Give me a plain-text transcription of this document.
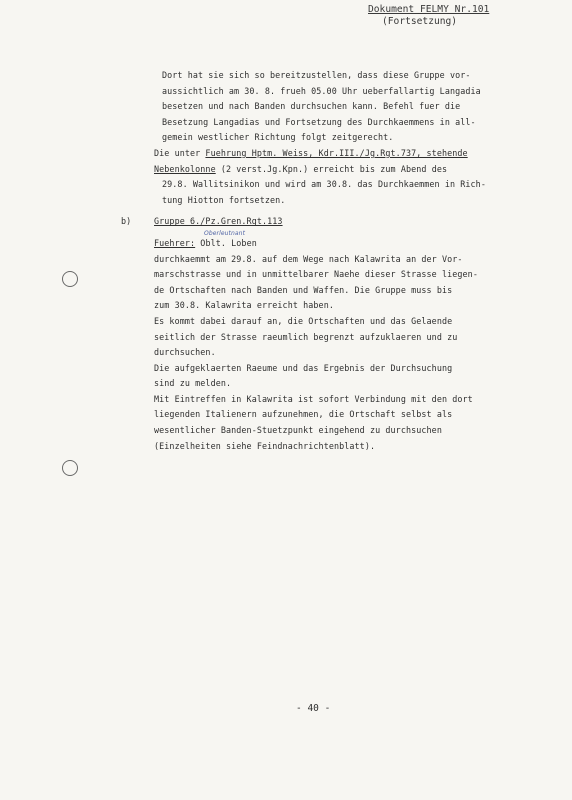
Dokument FELMY Nr.101
(Fortsetzung)
Dort hat sie sich so bereitzustellen, dass diese Gruppe vor-
aussichtlich am 30. 8. frueh 05.00 Uhr ueberfallartig Langadia
besetzen und nach Banden durchsuchen kann. Befehl fuer die
Besetzung Langadias und Fortsetzung des Durchkaemmens in all-
gemein westlicher Richtung folgt zeitgerecht.
Die unter Fuehrung Hptm. Weiss, Kdr.III./Jg.Rgt.737, stehende
Nebenkolonne (2 verst.Jg.Kpn.) erreicht bis zum Abend des
29.8. Wallitsinikon und wird am 30.8. das Durchkaemmen in Rich-
tung Hiotton fortsetzen.
b)	Gruppe 6./Pz.Gren.Rgt.113
Oberleutnant
Fuehrer: Oblt. Loben
durchkaemmt am 29.8. auf dem Wege nach Kalawrita an der Vor-
marschstrasse und in unmittelbarer Naehe dieser Strasse liegen-
de Ortschaften nach Banden und Waffen. Die Gruppe muss bis
zum 30.8. Kalawrita erreicht haben.
Es kommt dabei darauf an, die Ortschaften und das Gelaende
seitlich der Strasse raeumlich begrenzt aufzuklaeren und zu
durchsuchen.
Die aufgeklaerten Raeume und das Ergebnis der Durchsuchung
sind zu melden.
Mit Eintreffen in Kalawrita ist sofort Verbindung mit den dort
liegenden Italienern aufzunehmen, die Ortschaft selbst als
wesentlicher Banden-Stuetzpunkt eingehend zu durchsuchen
(Einzelheiten siehe Feindnachrichtenblatt).
- 40 -
